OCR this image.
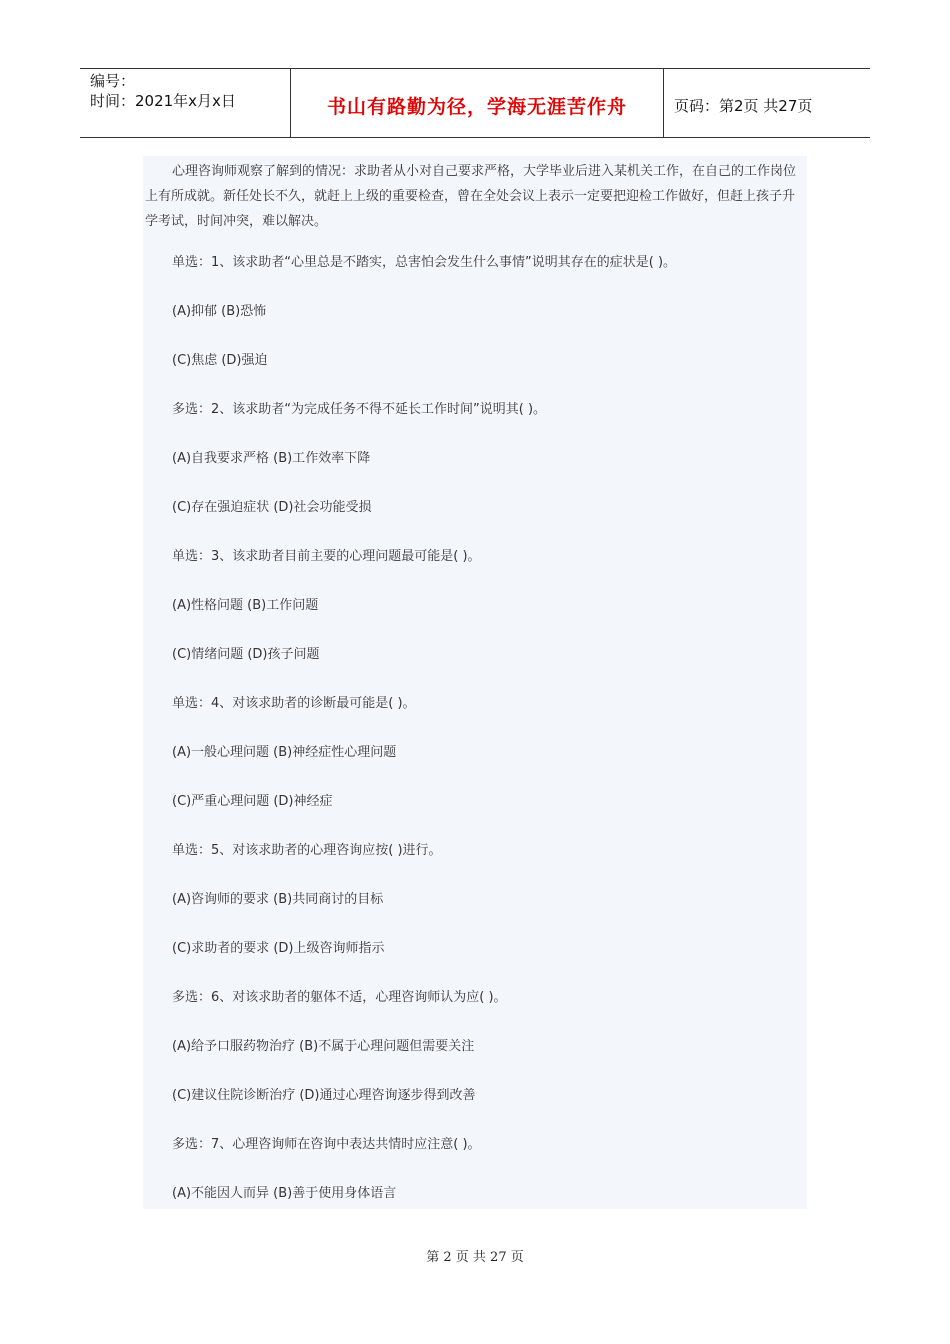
编号：
时间：2021年x月x日	书山有路勤为径，学海无涯苦作舟	页码：第2页 共27页

心理咨询师观察了解到的情况：求助者从小对自己要求严格，大学毕业后进入某机关工作，在自己的工作岗位上有所成就。新任处长不久，就赶上上级的重要检查，曾在全处会议上表示一定要把迎检工作做好，但赶上孩子升学考试，时间冲突，难以解决。

单选：1、该求助者“心里总是不踏实，总害怕会发生什么事情”说明其存在的症状是( )。

(A)抑郁 (B)恐怖

(C)焦虑 (D)强迫

多选：2、该求助者“为完成任务不得不延长工作时间”说明其( )。

(A)自我要求严格 (B)工作效率下降

(C)存在强迫症状 (D)社会功能受损

单选：3、该求助者目前主要的心理问题最可能是( )。

(A)性格问题 (B)工作问题

(C)情绪问题 (D)孩子问题

单选：4、对该求助者的诊断最可能是( )。

(A)一般心理问题 (B)神经症性心理问题

(C)严重心理问题 (D)神经症

单选：5、对该求助者的心理咨询应按( )进行。

(A)咨询师的要求 (B)共同商讨的目标

(C)求助者的要求 (D)上级咨询师指示

多选：6、对该求助者的躯体不适，心理咨询师认为应( )。

(A)给予口服药物治疗 (B)不属于心理问题但需要关注

(C)建议住院诊断治疗 (D)通过心理咨询逐步得到改善

多选：7、心理咨询师在咨询中表达共情时应注意( )。

(A)不能因人而异 (B)善于使用身体语言

第 2 页 共 27 页
